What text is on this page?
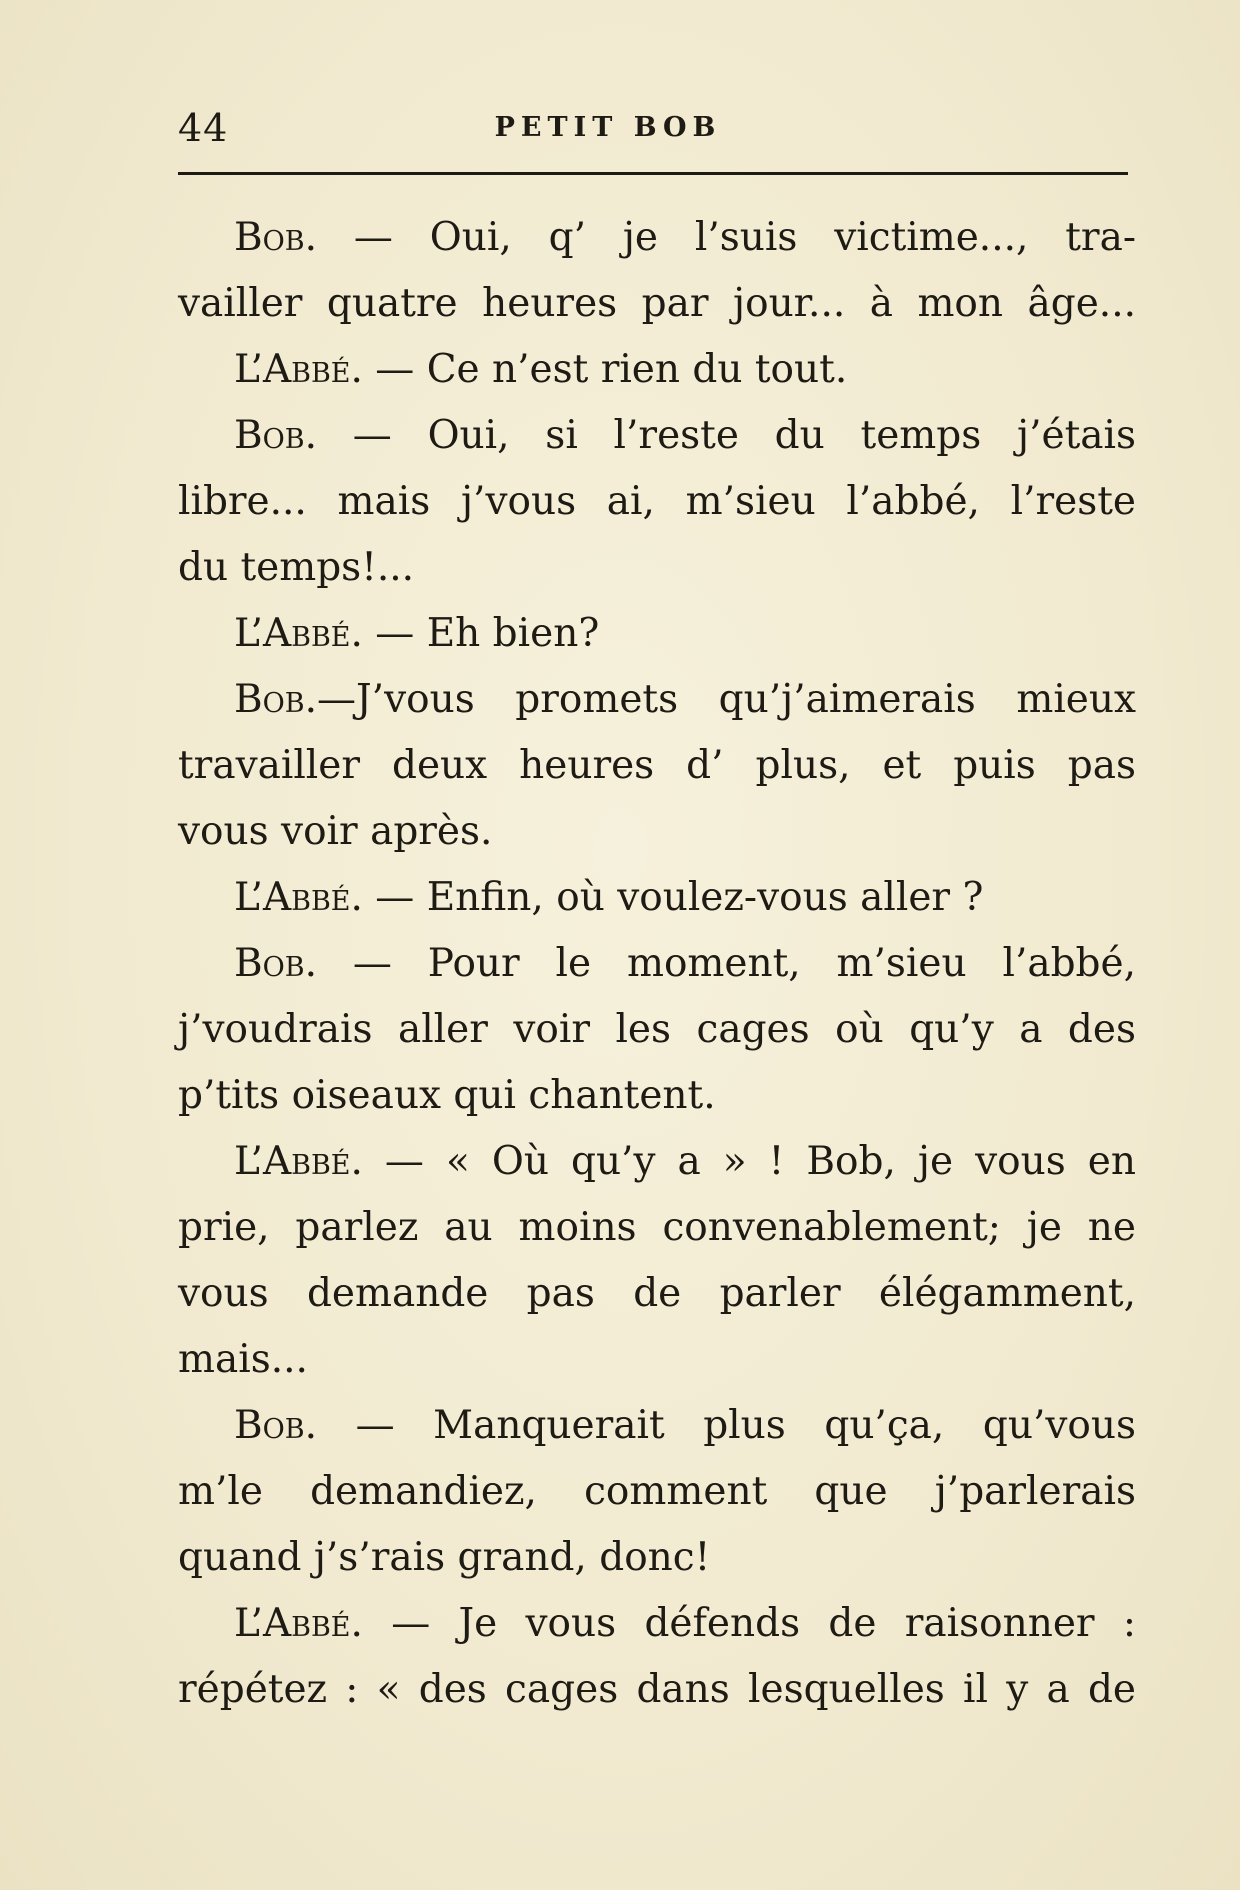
44	PETIT BOB
Bob. — Oui, q’ je l’suis victime..., tra-
vailler quatre heures par jour... à mon âge...
L’Abbé. — Ce n’est rien du tout.
Bob. — Oui, si l’reste du temps j’étais
libre... mais j’vous ai, m’sieu l’abbé, l’reste
du temps!...
L’Abbé. — Eh bien?
Bob.—J’vous promets qu’j’aimerais mieux
travailler deux heures d’ plus, et puis pas
vous voir après.
L’Abbé. — Enfin, où voulez-vous aller ?
Bob. — Pour le moment, m’sieu l’abbé,
j’voudrais aller voir les cages où qu’y a des
p’tits oiseaux qui chantent.
L’Abbé. — « Où qu’y a » ! Bob, je vous en
prie, parlez au moins convenablement; je ne
vous demande pas de parler élégamment,
mais...
Bob. — Manquerait plus qu’ça, qu’vous
m’le demandiez, comment que j’parlerais
quand j’s’rais grand, donc!
L’Abbé. — Je vous défends de raisonner :
répétez : « des cages dans lesquelles il y a de
